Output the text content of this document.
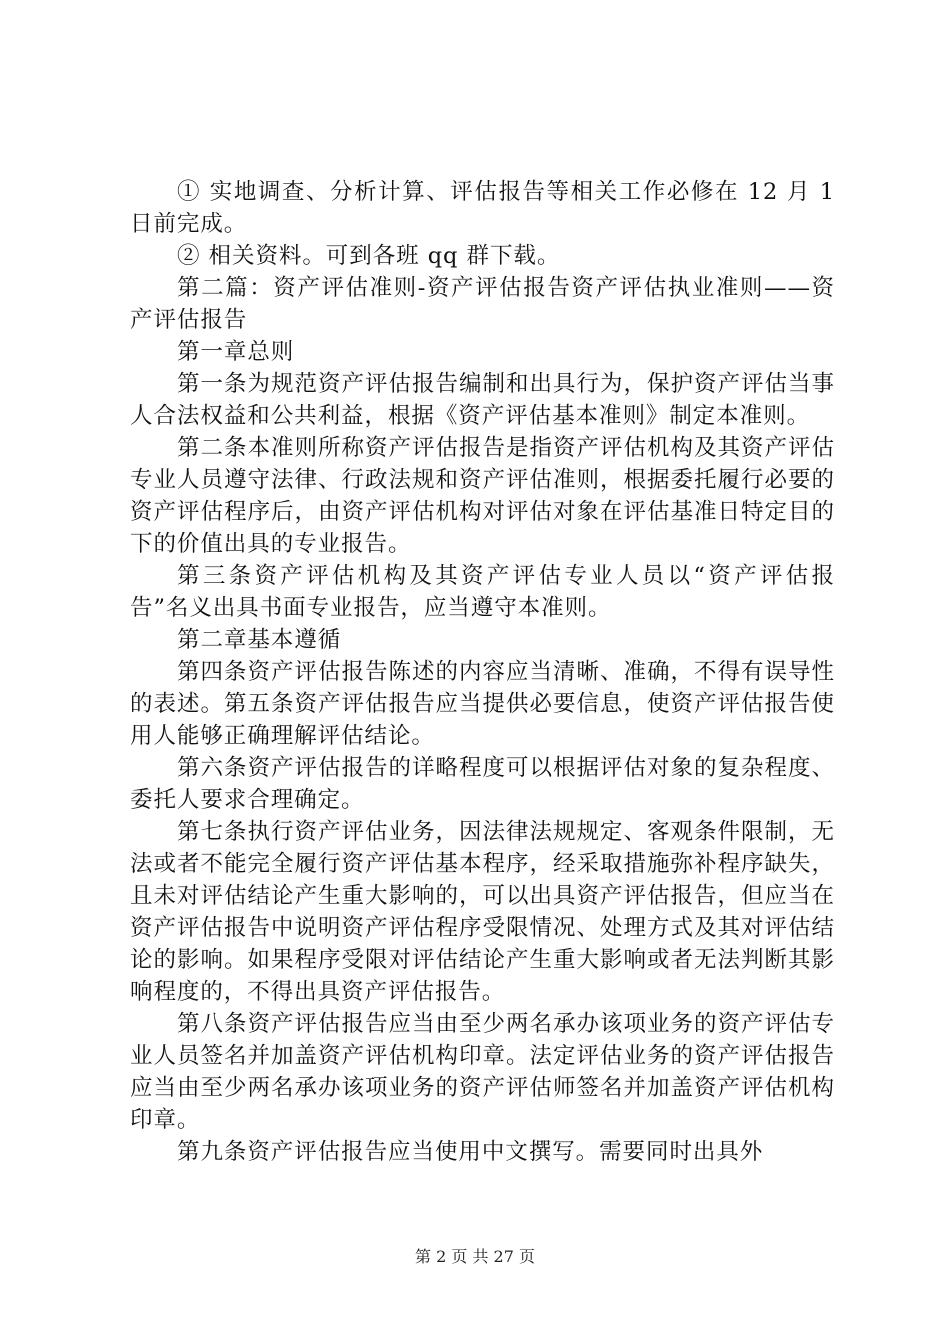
① 实地调查、分析计算、评估报告等相关工作必修在 12 月 1 日前完成。

② 相关资料。可到各班 qq 群下载。

第二篇：资产评估准则-资产评估报告资产评估执业准则——资产评估报告

第一章总则

第一条为规范资产评估报告编制和出具行为，保护资产评估当事人合法权益和公共利益，根据《资产评估基本准则》制定本准则。

第二条本准则所称资产评估报告是指资产评估机构及其资产评估专业人员遵守法律、行政法规和资产评估准则，根据委托履行必要的资产评估程序后，由资产评估机构对评估对象在评估基准日特定目的下的价值出具的专业报告。

第三条资产评估机构及其资产评估专业人员以“资产评估报告”名义出具书面专业报告，应当遵守本准则。

第二章基本遵循

第四条资产评估报告陈述的内容应当清晰、准确，不得有误导性的表述。第五条资产评估报告应当提供必要信息，使资产评估报告使用人能够正确理解评估结论。

第六条资产评估报告的详略程度可以根据评估对象的复杂程度、委托人要求合理确定。

第七条执行资产评估业务，因法律法规规定、客观条件限制，无法或者不能完全履行资产评估基本程序，经采取措施弥补程序缺失，且未对评估结论产生重大影响的，可以出具资产评估报告，但应当在资产评估报告中说明资产评估程序受限情况、处理方式及其对评估结论的影响。如果程序受限对评估结论产生重大影响或者无法判断其影响程度的，不得出具资产评估报告。

第八条资产评估报告应当由至少两名承办该项业务的资产评估专业人员签名并加盖资产评估机构印章。法定评估业务的资产评估报告应当由至少两名承办该项业务的资产评估师签名并加盖资产评估机构印章。

第九条资产评估报告应当使用中文撰写。需要同时出具外

第 2 页 共 27 页
